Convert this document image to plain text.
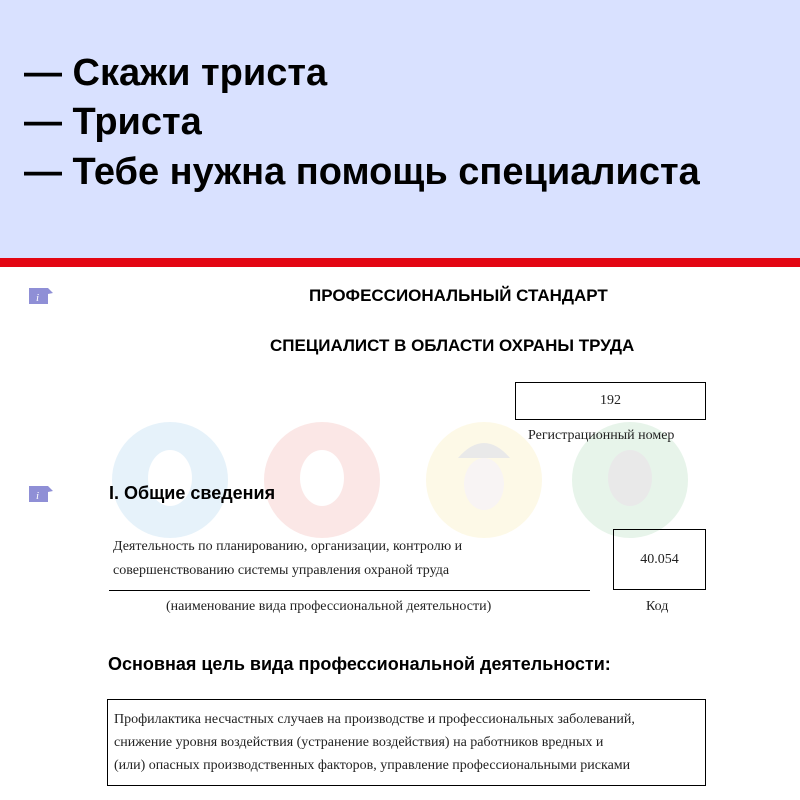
— Скажи триста
— Триста
— Тебе нужна помощь специалиста
i
i
ПРОФЕССИОНАЛЬНЫЙ СТАНДАРТ
СПЕЦИАЛИСТ В ОБЛАСТИ ОХРАНЫ ТРУДА
192
Регистрационный номер
I. Общие сведения
Деятельность по планированию, организации, контролю и
совершенствованию системы управления охраной труда
(наименование вида профессиональной деятельности)
40.054
Код
Основная цель вида профессиональной деятельности:
Профилактика несчастных случаев на производстве и профессиональных заболеваний,
снижение уровня воздействия (устранение воздействия) на работников вредных и
(или) опасных производственных факторов, управление профессиональными рисками
